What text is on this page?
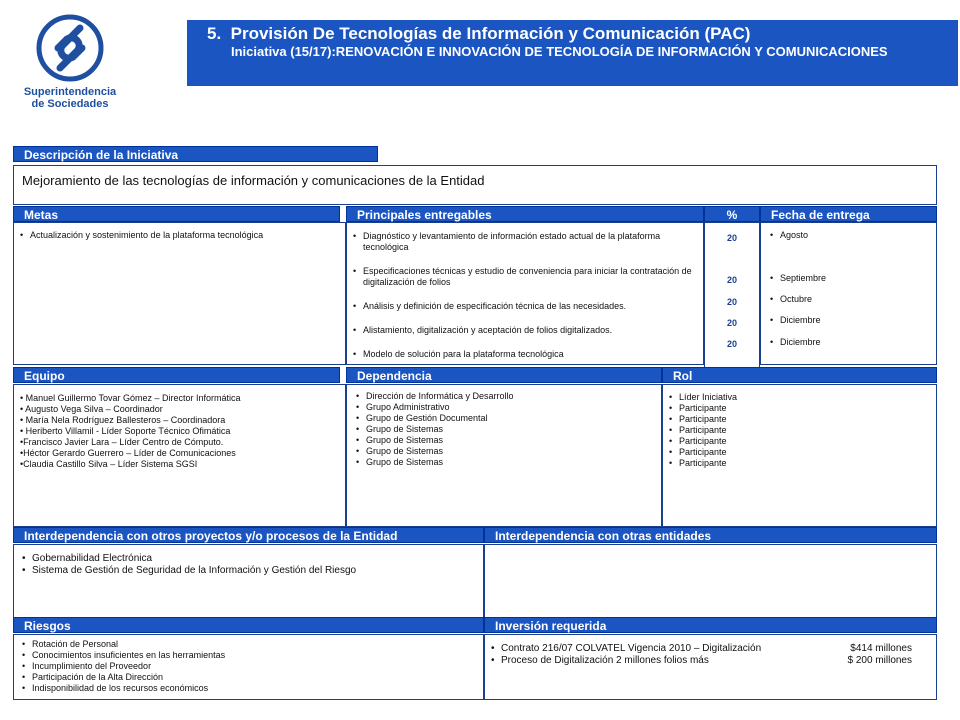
Superintendencia
de Sociedades
5.  Provisión De Tecnologías de Información y Comunicación (PAC)
Iniciativa (15/17):RENOVACIÓN E INNOVACIÓN DE TECNOLOGÍA DE INFORMACIÓN Y COMUNICACIONES
Descripción de la Iniciativa
Mejoramiento de las tecnologías de información y comunicaciones de la Entidad
Metas	Principales entregables	%	Fecha de entrega
• Actualización y sostenimiento de la plataforma tecnológica
•	Diagnóstico y levantamiento de información estado actual de la plataforma tecnológica
• Especificaciones técnicas y estudio de conveniencia para iniciar la contratación de digitalización de folios
• Análisis y definición de especificación técnica de las necesidades.
• Alistamiento, digitalización y aceptación de folios digitalizados.
• Modelo de solución para la plataforma tecnológica
20
20
20
20
20
• Agosto
• Septiembre
• Octubre
• Diciembre
• Diciembre
Equipo	Dependencia	Rol
• Manuel Guillermo Tovar Gómez – Director Informática
• Augusto Vega Silva – Coordinador
• María Nela Rodríguez Ballesteros – Coordinadora
• Heriberto Villamil - Líder Soporte Técnico Ofimática
•Francisco Javier Lara – Líder Centro de Cómputo.
•Héctor Gerardo Guerrero – Líder de Comunicaciones
•Claudia Castillo Silva – Líder Sistema SGSI
• Dirección de Informática y Desarrollo
• Grupo Administrativo
• Grupo de Gestión Documental
• Grupo de Sistemas
• Grupo de Sistemas
• Grupo de Sistemas
• Grupo de Sistemas
• Líder Iniciativa
• Participante
• Participante
• Participante
• Participante
• Participante
• Participante
Interdependencia con otros proyectos y/o procesos de la Entidad	Interdependencia con otras entidades
• Gobernabilidad Electrónica
• Sistema de Gestión de Seguridad de la Información y Gestión del Riesgo
Riesgos	Inversión requerida
• Rotación de Personal
• Conocimientos insuficientes en las herramientas
• Incumplimiento del Proveedor
• Participación de la Alta Dirección
• Indisponibilidad de los recursos económicos
• Contrato 216/07 COLVATEL Vigencia 2010 – Digitalización	$414 millones
• Proceso de Digitalización 2 millones folios más	$ 200 millones
